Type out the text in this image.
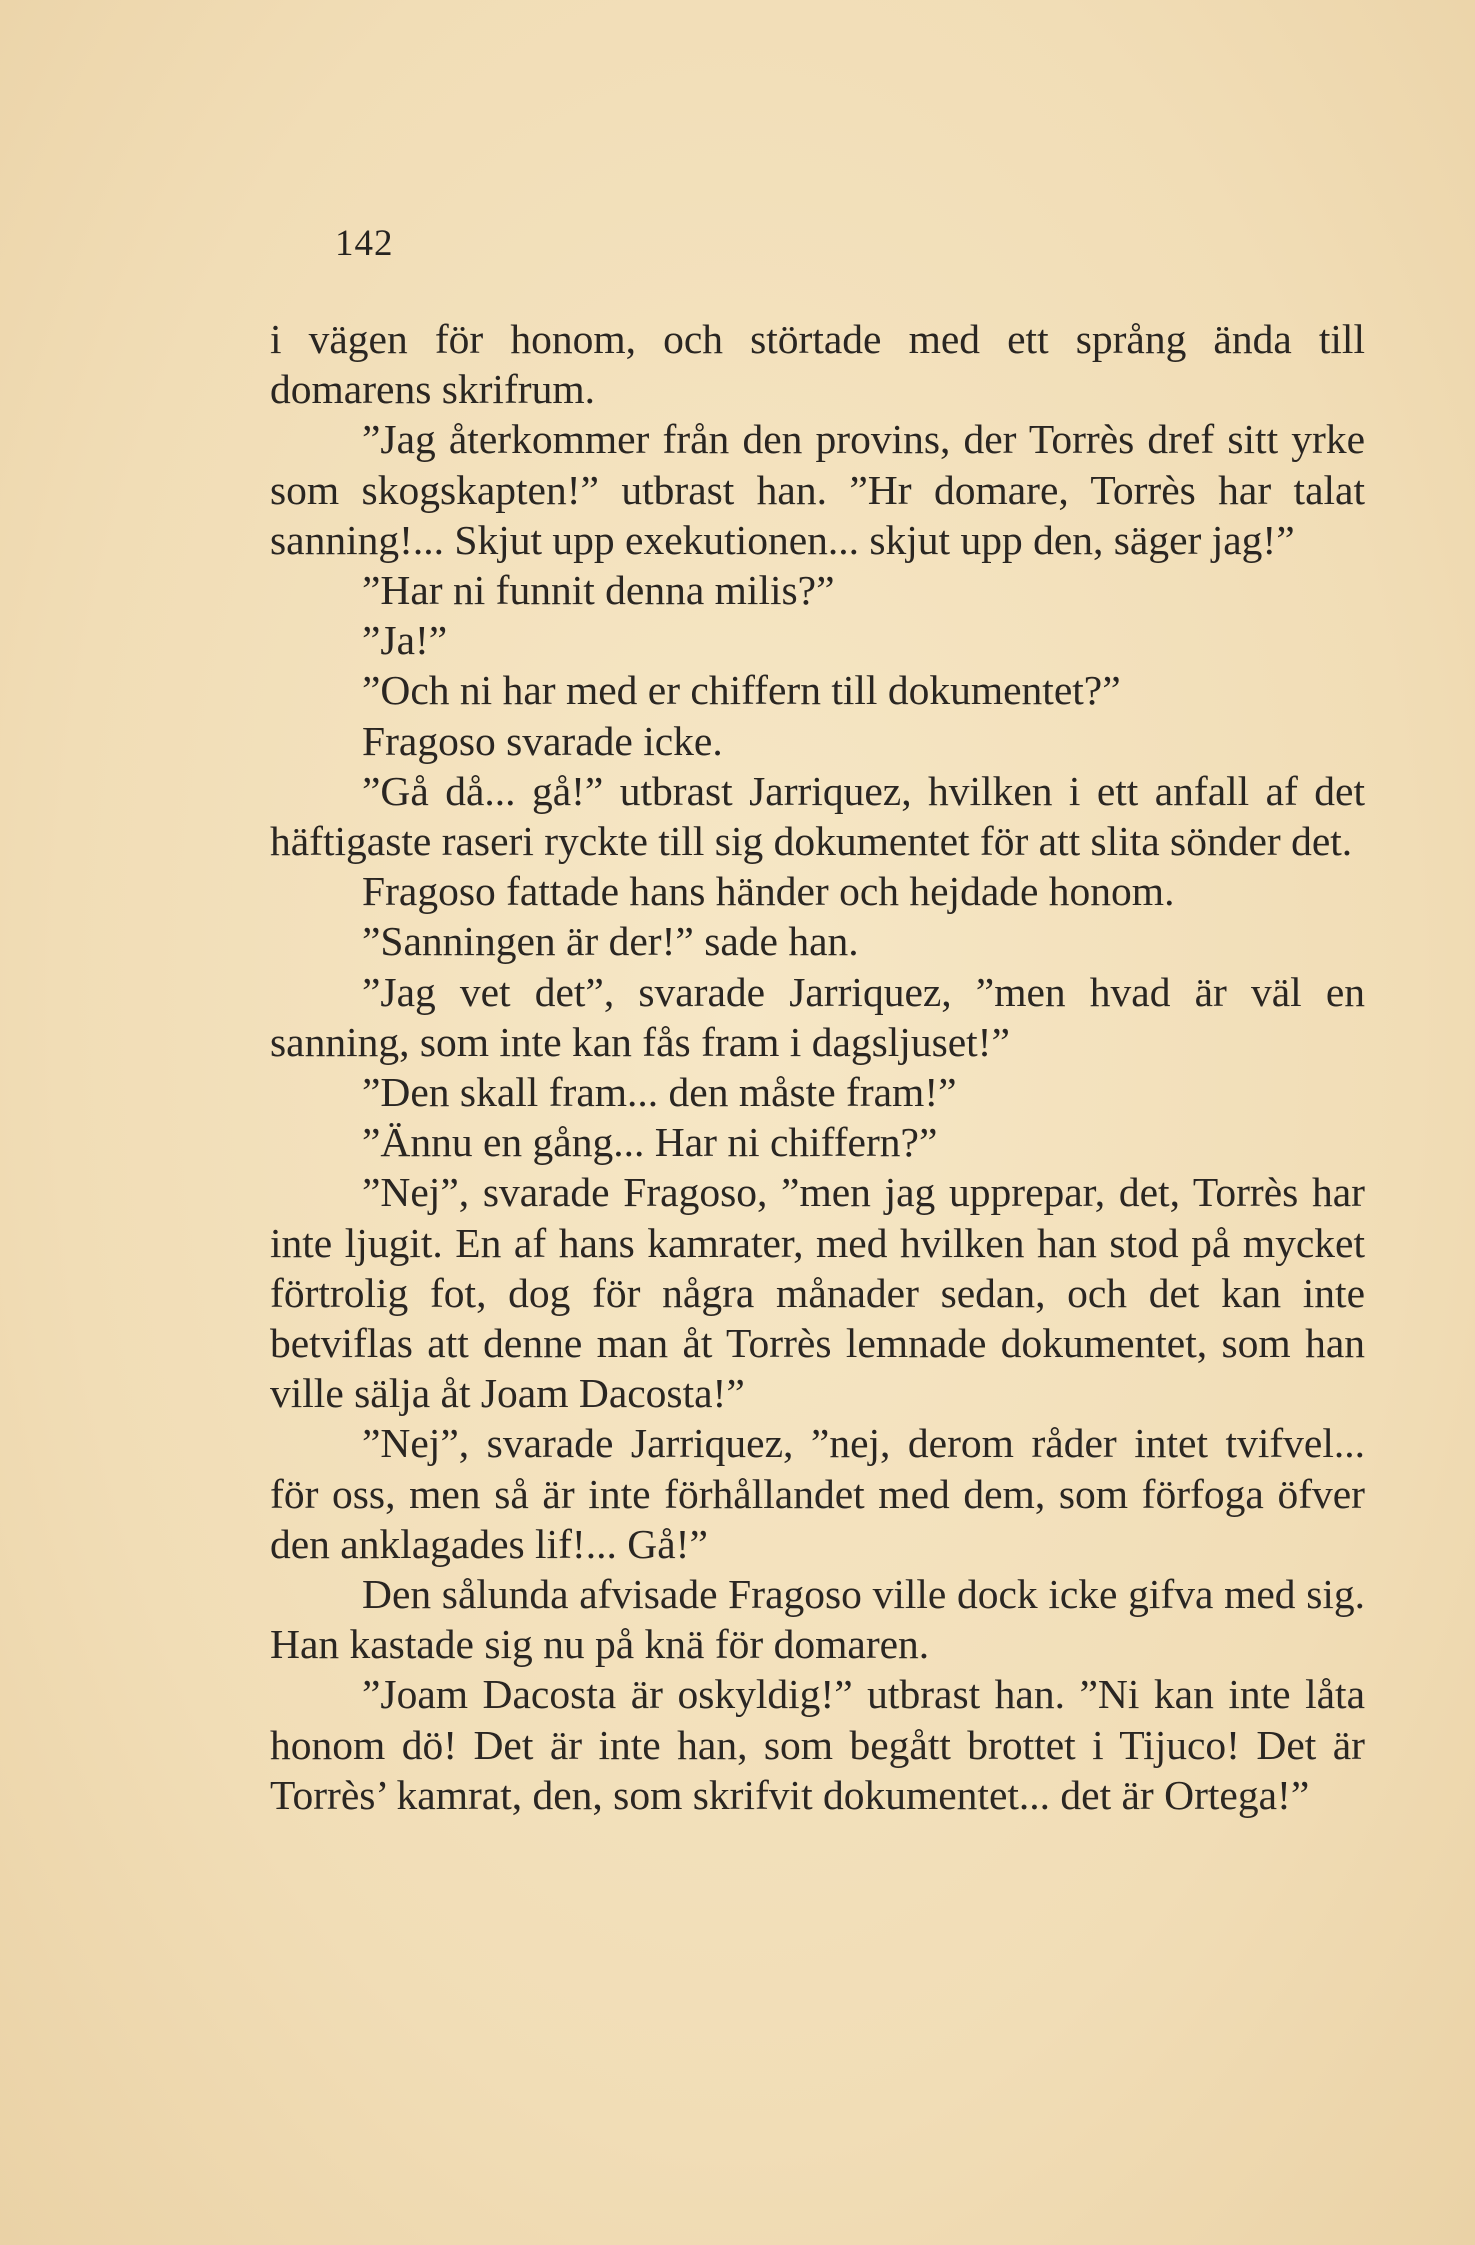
142

i vägen för honom, och störtade med ett språng ända till domarens skrifrum.

”Jag återkommer från den provins, der Torrès dref sitt yrke som skogskapten!” utbrast han. ”Hr domare, Torrès har talat sanning!... Skjut upp exekutionen... skjut upp den, säger jag!”

”Har ni funnit denna milis?”

”Ja!”

”Och ni har med er chiffern till dokumentet?”

Fragoso svarade icke.

”Gå då... gå!” utbrast Jarriquez, hvilken i ett anfall af det häftigaste raseri ryckte till sig dokumentet för att slita sönder det.

Fragoso fattade hans händer och hejdade honom.

”Sanningen är der!” sade han.

”Jag vet det”, svarade Jarriquez, ”men hvad är väl en sanning, som inte kan fås fram i dagsljuset!”

”Den skall fram... den måste fram!”

”Ännu en gång... Har ni chiffern?”

”Nej”, svarade Fragoso, ”men jag upprepar, det, Torrès har inte ljugit. En af hans kamrater, med hvilken han stod på mycket förtrolig fot, dog för några månader sedan, och det kan inte betviflas att denne man åt Torrès lemnade dokumentet, som han ville sälja åt Joam Dacosta!”

”Nej”, svarade Jarriquez, ”nej, derom råder intet tvifvel... för oss, men så är inte förhållandet med dem, som förfoga öfver den anklagades lif!... Gå!”

Den sålunda afvisade Fragoso ville dock icke gifva med sig. Han kastade sig nu på knä för domaren.

”Joam Dacosta är oskyldig!” utbrast han. ”Ni kan inte låta honom dö! Det är inte han, som begått brottet i Tijuco! Det är Torrès’ kamrat, den, som skrifvit dokumentet... det är Ortega!”
